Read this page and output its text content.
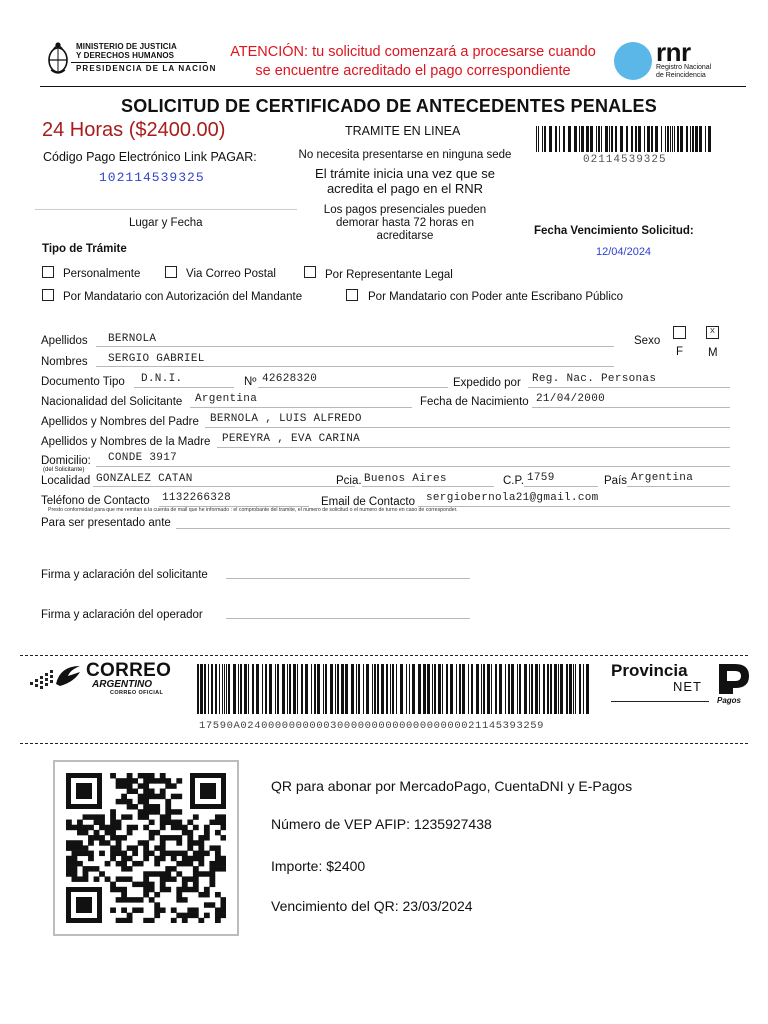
MINISTERIO DE JUSTICIA
Y DERECHOS HUMANOS
PRESIDENCIA DE LA NACION
ATENCIÓN: tu solicitud comenzará a procesarse cuando
se encuentre acreditado el pago correspondiente
rnr
Registro Nacional
de Reincidencia
SOLICITUD DE CERTIFICADO DE ANTECEDENTES PENALES
24 Horas ($2400.00)	TRAMITE EN LINEA
02114539325
Código Pago Electrónico Link PAGAR:
102114539325
No necesita presentarse en ninguna sede
El trámite inicia una vez que se
acredita el pago en el RNR
Los pagos presenciales pueden
demorar hasta 72 horas en
acreditarse
Lugar y Fecha
Fecha Vencimiento Solicitud:
12/04/2024
Tipo de Trámite
Personalmente	Via Correo Postal	Por Representante Legal
Por Mandatario con Autorización del Mandante	Por Mandatario con Poder ante Escribano Público
Apellidos BERNOLA	Sexo
x
F M
Nombres SERGIO GABRIEL
Documento Tipo D.N.I.	Nº 42628320	Expedido por Reg. Nac. Personas
Nacionalidad del Solicitante Argentina	Fecha de Nacimiento 21/04/2000
Apellidos y Nombres del Padre BERNOLA , LUIS ALFREDO
Apellidos y Nombres de la Madre PEREYRA , EVA CARINA
Domicilio: CONDE 3917
(del Solicitante)
Localidad GONZALEZ CATAN	Pcia. Buenos Aires	C.P. 1759	País Argentina
Teléfono de Contacto 1132266328	Email de Contacto sergiobernola21@gmail.com
Presto conformidad para que me remitan a la cuenta de mail que he informado : el comprobante del tramite, el numero de solicitud o el numero de turno en caso de corresponder.
Para ser presentado ante
Firma y aclaración del solicitante
Firma y aclaración del operador
CORREO
ARGENTINO
CORREO OFICIAL
17590A02400000000003000000000000000000021145393259
Provincia
NET
Pagos
QR para abonar por MercadoPago, CuentaDNI y E-Pagos
Número de VEP AFIP: 1235927438
Importe: $2400
Vencimiento del QR: 23/03/2024
